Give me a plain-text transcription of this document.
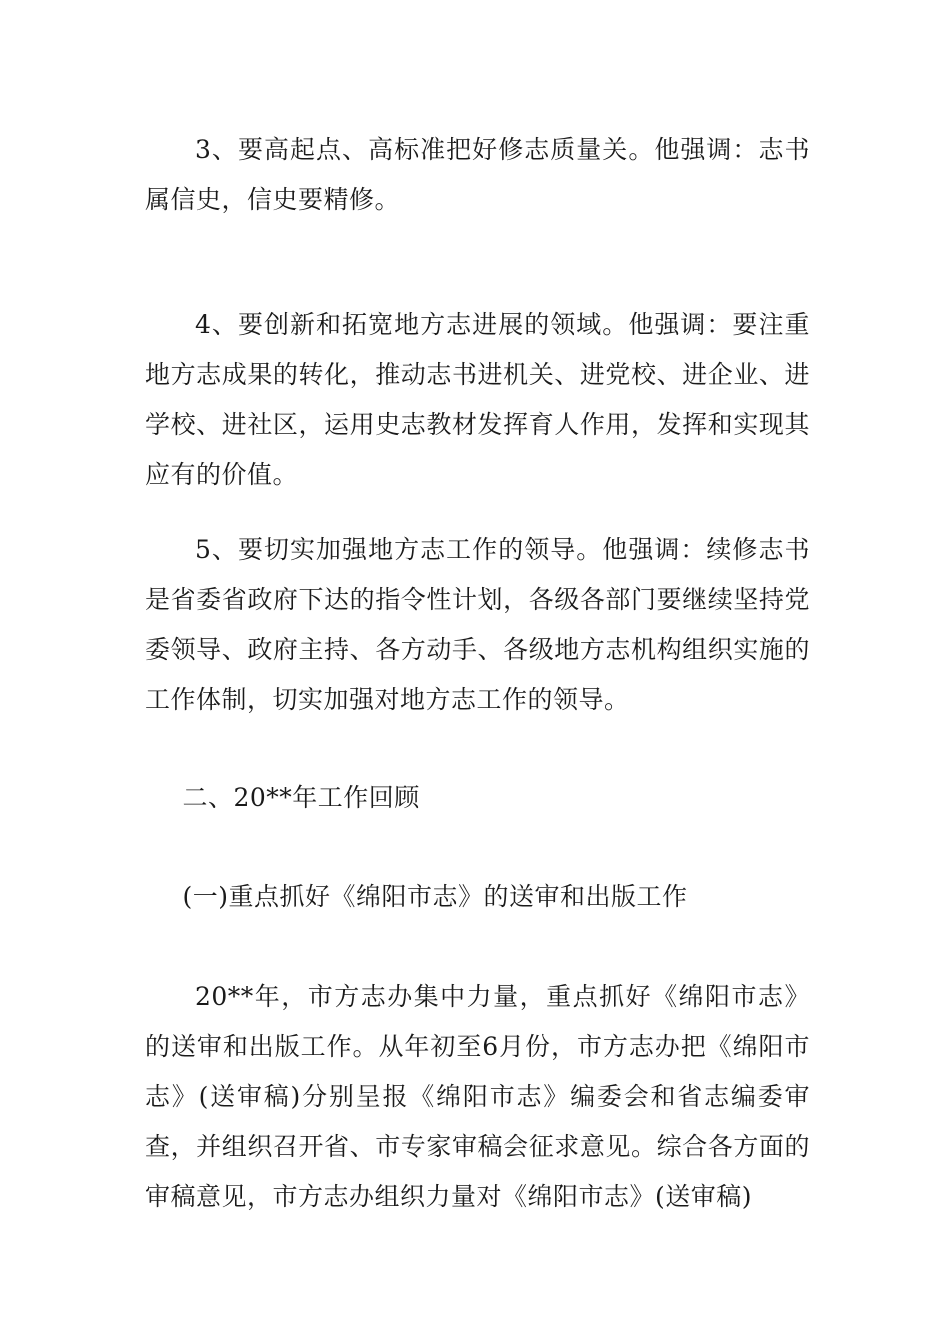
3、要高起点、高标准把好修志质量关。他强调：志书属信史，信史要精修。

4、要创新和拓宽地方志进展的领域。他强调：要注重地方志成果的转化，推动志书进机关、进党校、进企业、进学校、进社区，运用史志教材发挥育人作用，发挥和实现其应有的价值。

5、要切实加强地方志工作的领导。他强调：续修志书是省委省政府下达的指令性计划，各级各部门要继续坚持党委领导、政府主持、各方动手、各级地方志机构组织实施的工作体制，切实加强对地方志工作的领导。

二、20**年工作回顾

(一)重点抓好《绵阳市志》的送审和出版工作

20**年，市方志办集中力量，重点抓好《绵阳市志》的送审和出版工作。从年初至6月份，市方志办把《绵阳市志》(送审稿)分别呈报《绵阳市志》编委会和省志编委审查，并组织召开省、市专家审稿会征求意见。综合各方面的审稿意见，市方志办组织力量对《绵阳市志》(送审稿)
